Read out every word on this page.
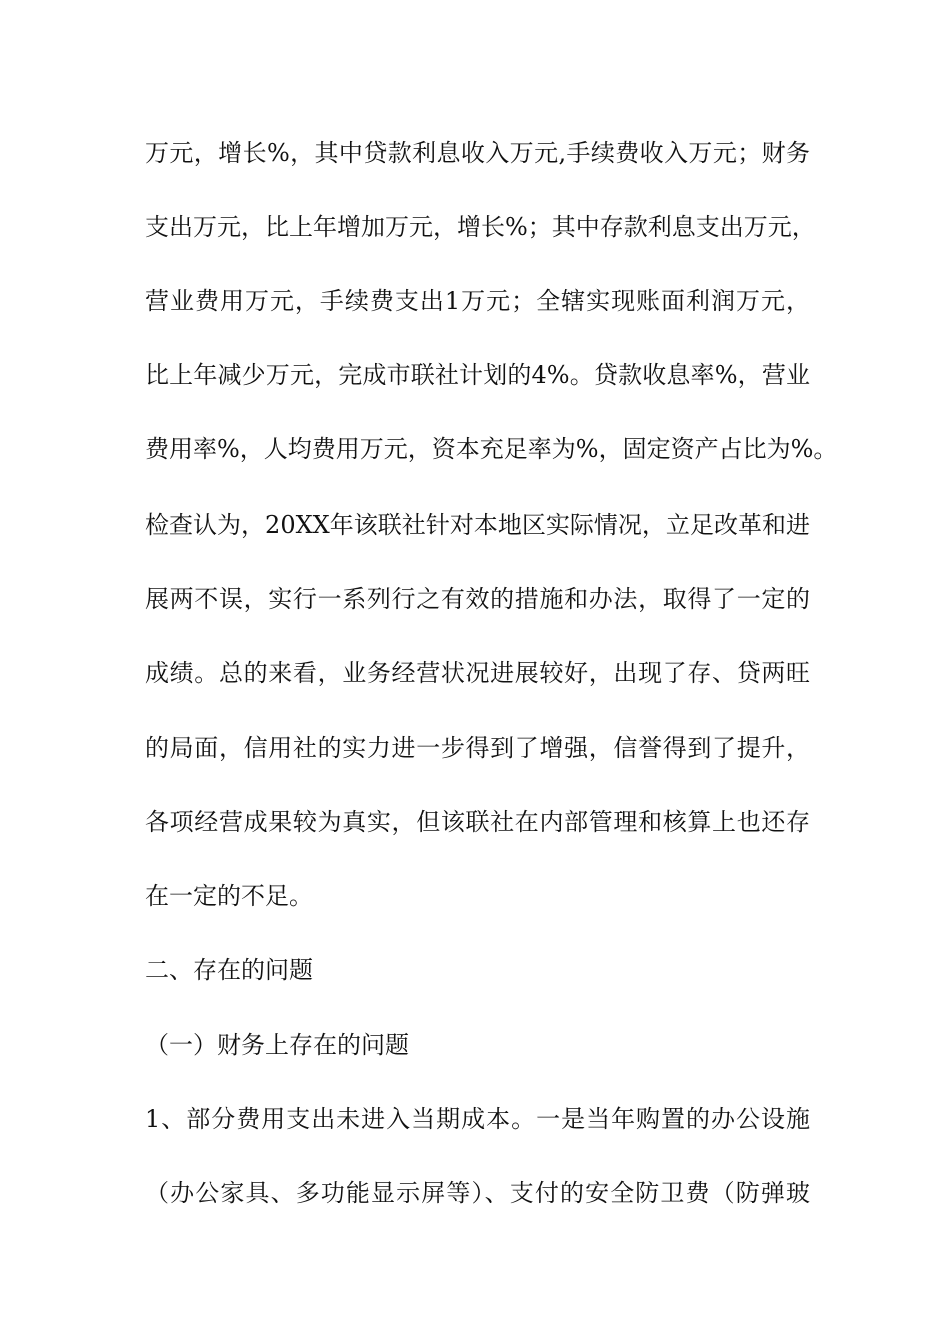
万元，增长%，其中贷款利息收入万元,手续费收入万元；财务
支出万元，比上年增加万元，增长%；其中存款利息支出万元，
营业费用万元，手续费支出1万元；全辖实现账面利润万元，
比上年减少万元，完成市联社计划的4%。贷款收息率%，营业
费用率%，人均费用万元，资本充足率为%，固定资产占比为%。
检查认为，20XX年该联社针对本地区实际情况，立足改革和进
展两不误，实行一系列行之有效的措施和办法，取得了一定的
成绩。总的来看，业务经营状况进展较好，出现了存、贷两旺
的局面，信用社的实力进一步得到了增强，信誉得到了提升，
各项经营成果较为真实，但该联社在内部管理和核算上也还存
在一定的不足。
二、存在的问题
（一）财务上存在的问题
1、部分费用支出未进入当期成本。一是当年购置的办公设施
（办公家具、多功能显示屏等）、支付的安全防卫费（防弹玻
